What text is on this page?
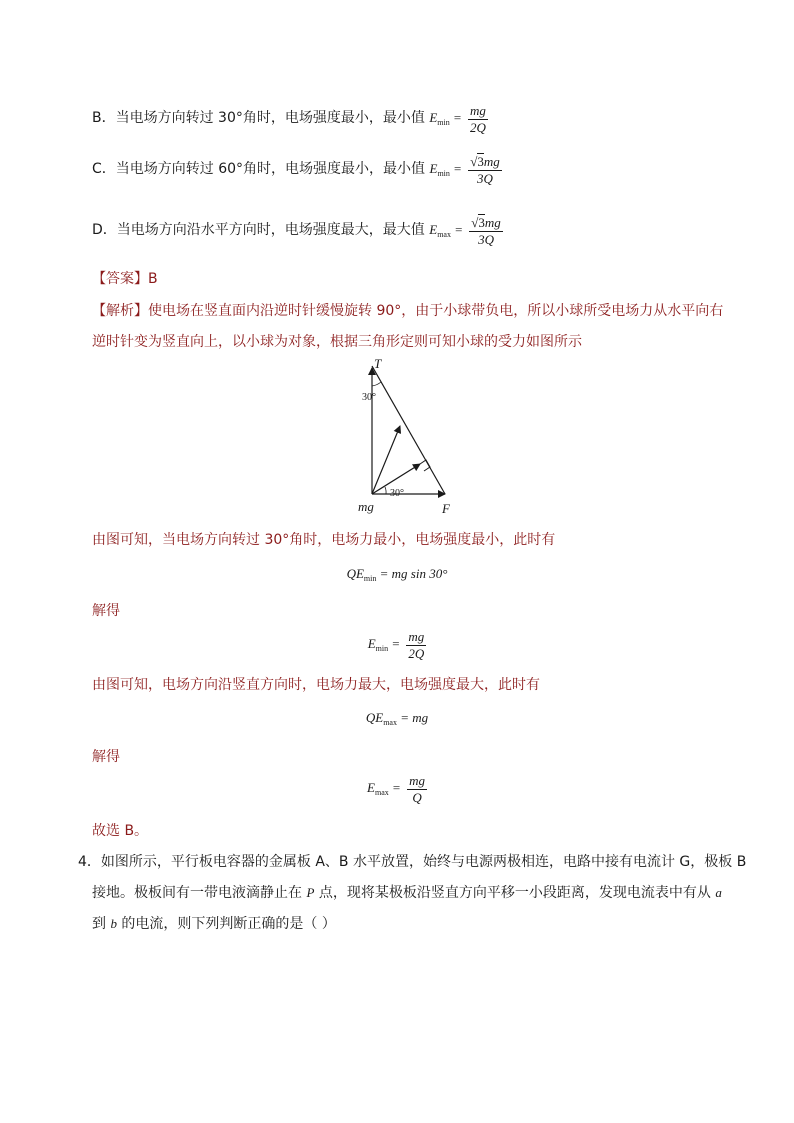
B．当电场方向转过 30°角时，电场强度最小，最小值 $E_{min} = \frac{mg}{2Q}$
C．当电场方向转过 60°角时，电场强度最小，最小值 $E_{min} = \frac{√3mg}{3Q}$
D．当电场方向沿水平方向时，电场强度最大，最大值 $E_{max} = \frac{√3mg}{3Q}$
【答案】B
【解析】使电场在竖直面内沿逆时针缓慢旋转 90°，由于小球带负电，所以小球所受电场力从水平向右
逆时针变为竖直向上，以小球为对象，根据三角形定则可知小球的受力如图所示
T
30°
30°
mg	F
由图可知，当电场方向转过 30°角时，电场力最小，电场强度最小，此时有
$QE_{min}$ = mg sin 30°
解得
$E_{min} = \frac{mg}{2Q}$
由图可知，电场方向沿竖直方向时，电场力最大，电场强度最大，此时有
$QE_{max}$ = mg
解得
$E_{max} = \frac{mg}{Q}$
故选 B。
4．如图所示，平行板电容器的金属板 A、B 水平放置，始终与电源两极相连，电路中接有电流计 G，极板 B
接地。极板间有一带电液滴静止在 P 点，现将某极板沿竖直方向平移一小段距离，发现电流表中有从 a
到 b 的电流，则下列判断正确的是（ ）
